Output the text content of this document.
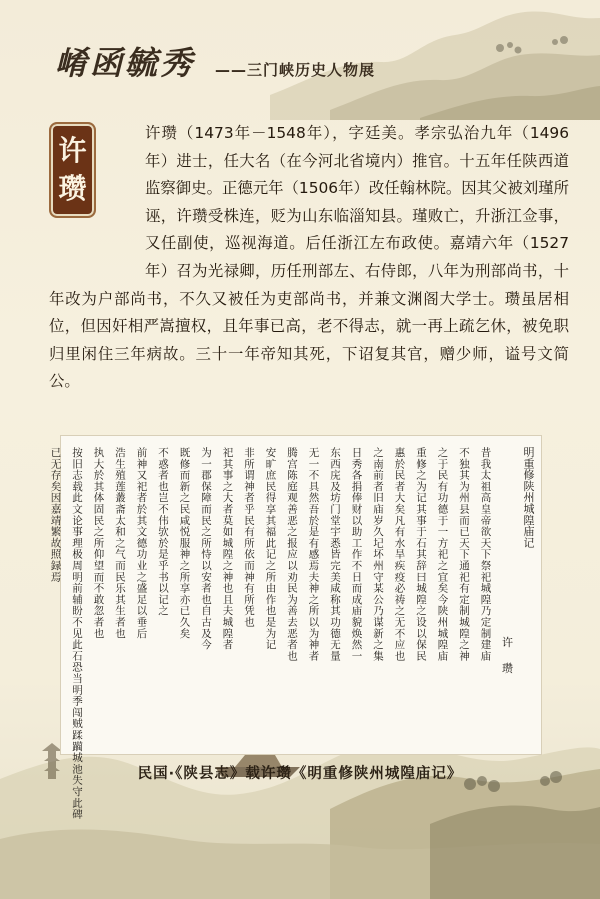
崤函毓秀 ——三门峡历史人物展
许
瓒

许瓒（1473年－1548年），字廷美。孝宗弘治九年（1496年）进士，任大名（在今河北省境内）推官。十五年任陕西道监察御史。正德元年（1506年）改任翰林院。因其父被刘瑾所诬，许瓒受株连，贬为山东临淄知县。瑾败亡，升浙江佥事，又任副使，巡视海道。后任浙江左布政使。嘉靖六年（1527年）召为光禄卿，历任刑部左、右侍郎，八年为刑部尚书，十年改为户部尚书，不久又被任为吏部尚书，并兼文渊阁大学士。瓒虽居相位，但因奸相严嵩擅权，且年事已高，老不得志，就一再上疏乞休，被免职归里闲住三年病故。三十一年帝知其死，下诏复其官，赠少师，谥号文简公。

明重修陕州城隍庙记
许 瓒
昔我太祖高皇帝欲天下祭祀城隍乃定制建庙
不独其为州县而已天下通祀有定制城隍之神
之于民有功德于一方祀之宜矣今陕州城隍庙
重修之为记其事于石其辞曰城隍之设以保民
惠於民者大矣凡有水旱疾疫必祷之无不应也
之南前者旧庙岁久圮坏州守某公乃谋新之集
日秀各捐俸财以助工作不日而成庙貌焕然一
东西庑及坊门堂宇悉皆完美咸称其功德无量
无一不具然吾於是有感焉夫神之所以为神者
腾宫陈庭观善恶之报应以劝民为善去恶者也
安旷庶民得享其福此记之所由作也是为记
非所谓神者乎民有所依而神有所凭也
祀其事之大者莫如城隍之神也且夫城隍者
为一郡保障而民之所恃以安者也自古及今
既修而新之民咸悦服神之所享亦已久矣
不惑者也岂不伟欤於是乎书以记之
前神又祀者於其文德功业之盛足以垂后
浩生殖莲叢斋太和之气而民乐其生者也
执大於其体固民之所仰望而不敢忽者也
按旧志载此文论事理极周明前辅盼不见此石恐当明季闯贼蹂躏城池失守此碑
已无存矣因嘉靖繁故照録焉
民国·《陕县志》载许瓒《明重修陕州城隍庙记》
